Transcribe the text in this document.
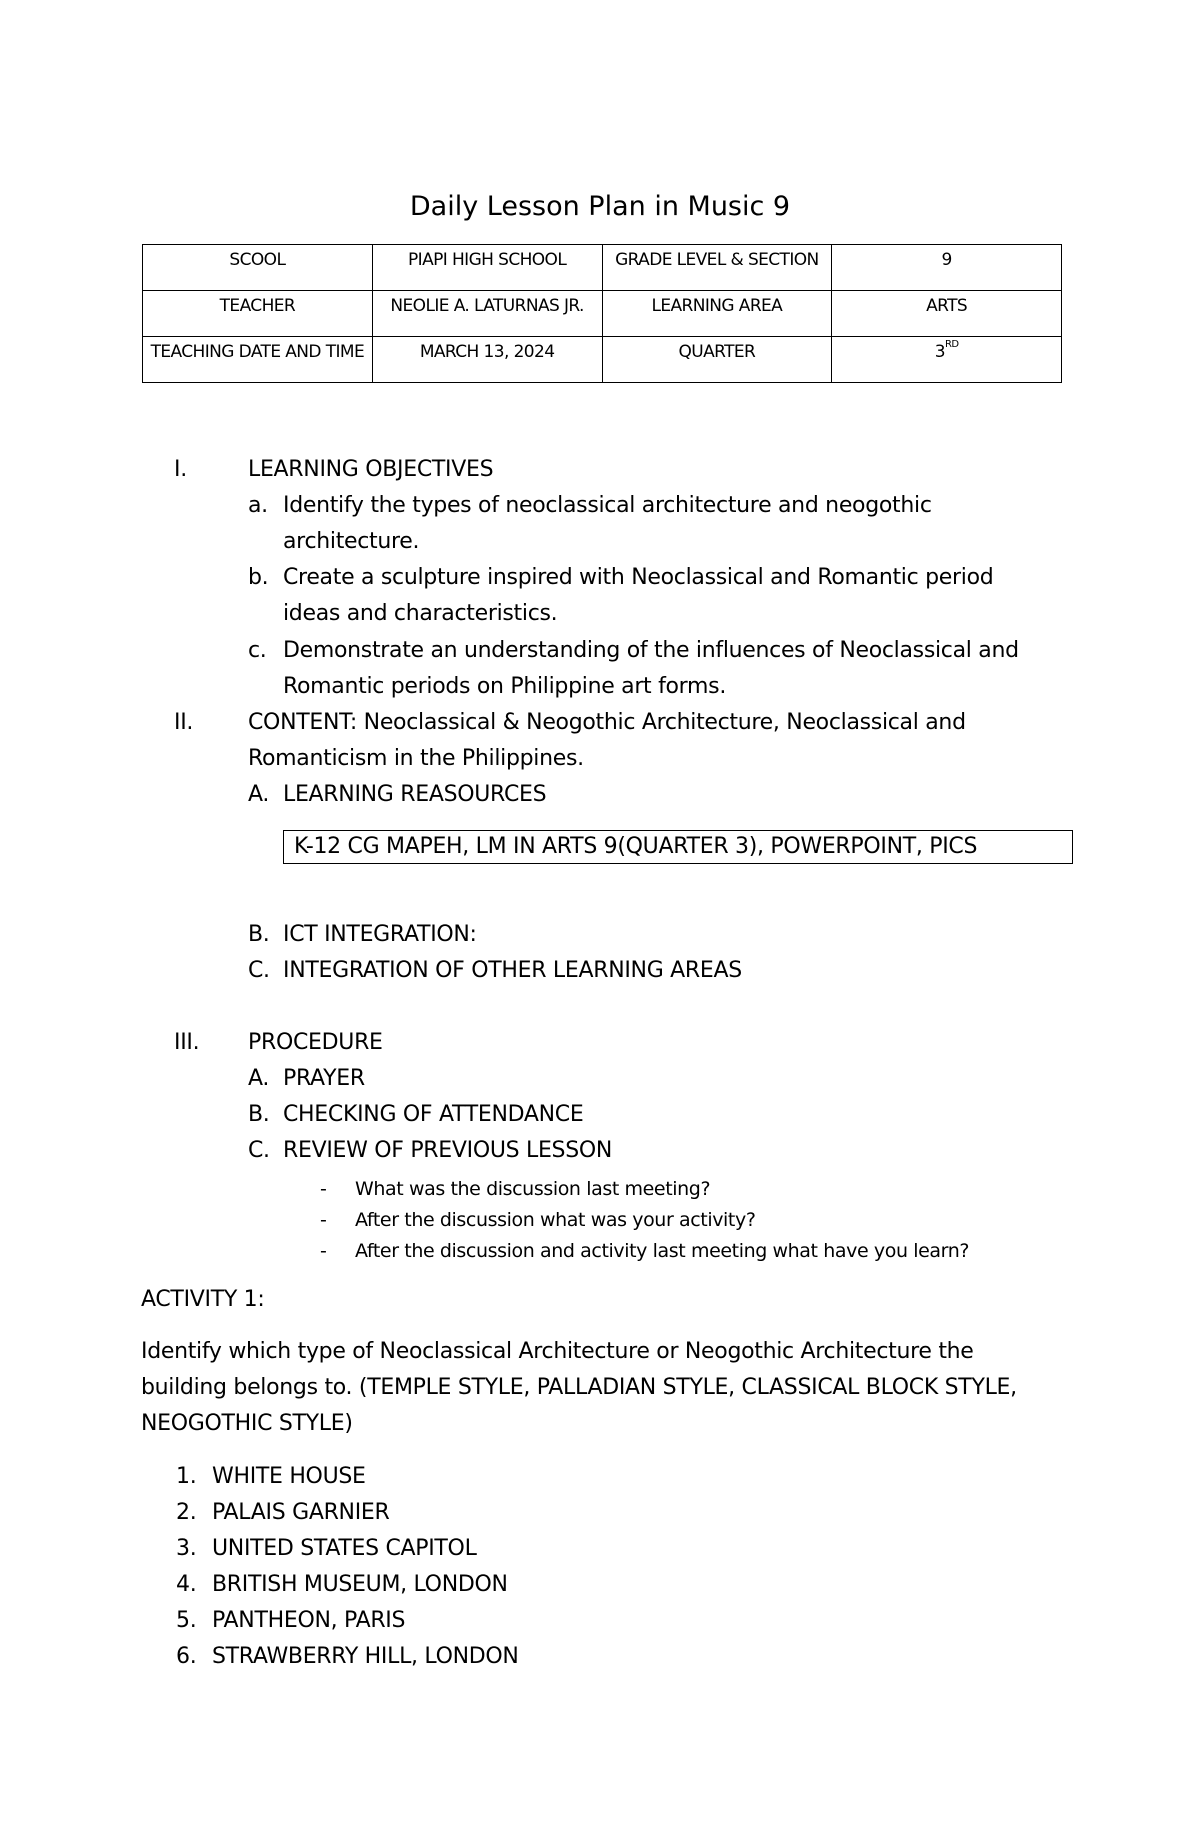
Daily Lesson Plan in Music 9
SCOOL	PIAPI HIGH SCHOOL	GRADE LEVEL & SECTION	9
TEACHER	NEOLIE A. LATURNAS JR.	LEARNING AREA	ARTS
TEACHING DATE AND TIME	MARCH 13, 2024	QUARTER	3RD
I.	LEARNING OBJECTIVES
a. Identify the types of neoclassical architecture and neogothic
architecture.
b. Create a sculpture inspired with Neoclassical and Romantic period
ideas and characteristics.
c. Demonstrate an understanding of the influences of Neoclassical and
Romantic periods on Philippine art forms.
II. CONTENT: Neoclassical & Neogothic Architecture, Neoclassical and
Romanticism in the Philippines.
A. LEARNING REASOURCES
K-12 CG MAPEH, LM IN ARTS 9(QUARTER 3), POWERPOINT, PICS
B. ICT INTEGRATION:
C. INTEGRATION OF OTHER LEARNING AREAS
III. PROCEDURE
A. PRAYER
B. CHECKING OF ATTENDANCE
C. REVIEW OF PREVIOUS LESSON
- What was the discussion last meeting?
- After the discussion what was your activity?
- After the discussion and activity last meeting what have you learn?
ACTIVITY 1:
Identify which type of Neoclassical Architecture or Neogothic Architecture the
building belongs to. (TEMPLE STYLE, PALLADIAN STYLE, CLASSICAL BLOCK STYLE,
NEOGOTHIC STYLE)
1. WHITE HOUSE
2. PALAIS GARNIER
3. UNITED STATES CAPITOL
4. BRITISH MUSEUM, LONDON
5. PANTHEON, PARIS
6. STRAWBERRY HILL, LONDON
